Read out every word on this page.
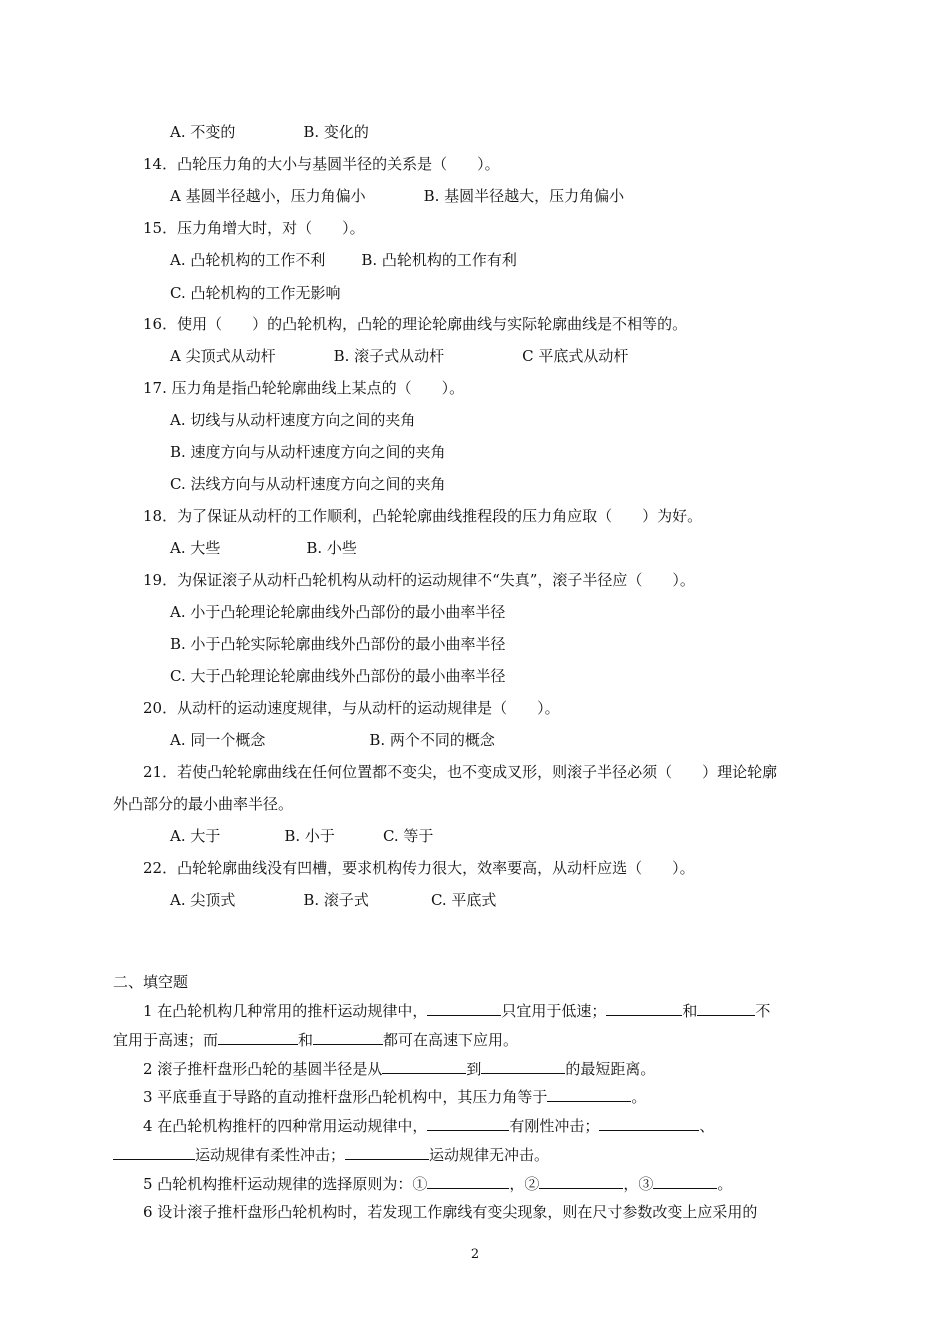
A. 不变的	B. 变化的
14．凸轮压力角的大小与基圆半径的关系是（　　）。
A 基圆半径越小，压力角偏小	B. 基圆半径越大，压力角偏小
15．压力角增大时，对（　　）。
A. 凸轮机构的工作不利 B. 凸轮机构的工作有利
C. 凸轮机构的工作无影响
16．使用（　　）的凸轮机构，凸轮的理论轮廓曲线与实际轮廓曲线是不相等的。
A 尖顶式从动杆	B. 滚子式从动杆	C 平底式从动杆
17. 压力角是指凸轮轮廓曲线上某点的（　　）。
A. 切线与从动杆速度方向之间的夹角
B. 速度方向与从动杆速度方向之间的夹角
C. 法线方向与从动杆速度方向之间的夹角
18．为了保证从动杆的工作顺利，凸轮轮廓曲线推程段的压力角应取（　　）为好。
A. 大些	B. 小些
19．为保证滚子从动杆凸轮机构从动杆的运动规律不“失真”，滚子半径应（　　）。
A. 小于凸轮理论轮廓曲线外凸部份的最小曲率半径
B. 小于凸轮实际轮廓曲线外凸部份的最小曲率半径
C. 大于凸轮理论轮廓曲线外凸部份的最小曲率半径
20．从动杆的运动速度规律，与从动杆的运动规律是（　　）。
A. 同一个概念	B. 两个不同的概念
21．若使凸轮轮廓曲线在任何位置都不变尖，也不变成叉形，则滚子半径必须（　　）理论轮廓
外凸部分的最小曲率半径。
A. 大于	B. 小于	C. 等于
22．凸轮轮廓曲线没有凹槽，要求机构传力很大，效率要高，从动杆应选（　　）。
A. 尖顶式	B. 滚子式	C. 平底式
二、填空题
1 在凸轮机构几种常用的推杆运动规律中，	只宜用于低速；	和	不
宜用于高速；而	和	都可在高速下应用。
2 滚子推杆盘形凸轮的基圆半径是从	到	的最短距离。
3 平底垂直于导路的直动推杆盘形凸轮机构中，其压力角等于	。
4 在凸轮机构推杆的四种常用运动规律中，	有刚性冲击；	、
运动规律有柔性冲击；	运动规律无冲击。
5 凸轮机构推杆运动规律的选择原则为：①	，②	，③	。
6 设计滚子推杆盘形凸轮机构时，若发现工作廓线有变尖现象，则在尺寸参数改变上应采用的
2
